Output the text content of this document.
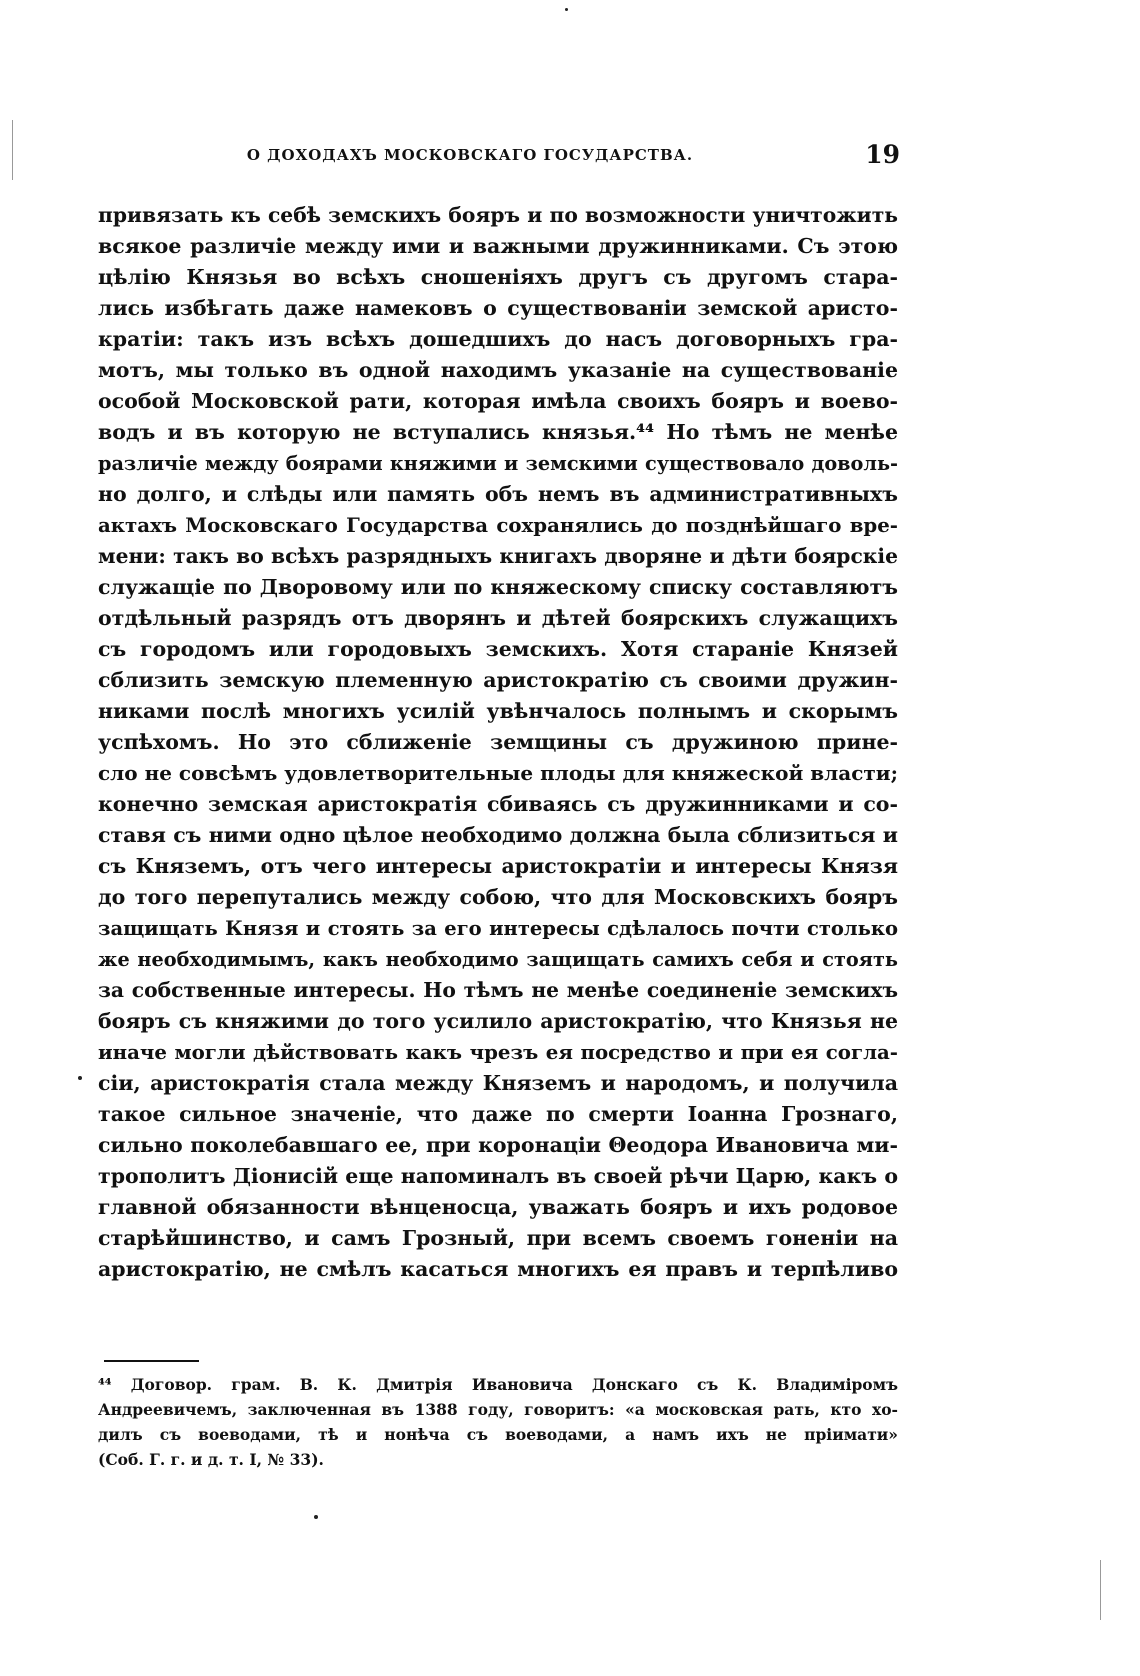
О ДОХОДАХЪ МОСКОВСКАГО ГОСУДАРСТВА.	19
привязать къ себѣ земскихъ бояръ и по возможности уничтожить
всякое различіе между ими и важными дружинниками. Съ этою
цѣлію Князья во всѣхъ сношеніяхъ другъ съ другомъ стара-
лись избѣгать даже намековъ о существованіи земской аристо-
кратіи: такъ изъ всѣхъ дошедшихъ до насъ договорныхъ гра-
мотъ, мы только въ одной находимъ указаніе на существованіе
особой Московской рати, которая имѣла своихъ бояръ и воево-
водъ и въ которую не вступались князья.⁴⁴ Но тѣмъ не менѣе
различіе между боярами княжими и земскими существовало доволь-
но долго, и слѣды или память объ немъ въ административныхъ
актахъ Московскаго Государства сохранялись до позднѣйшаго вре-
мени: такъ во всѣхъ разрядныхъ книгахъ дворяне и дѣти боярскіе
служащіе по Дворовому или по княжескому списку составляютъ
отдѣльный разрядъ отъ дворянъ и дѣтей боярскихъ служащихъ
съ городомъ или городовыхъ земскихъ. Хотя стараніе Князей
сблизить земскую племенную аристократію съ своими дружин-
никами послѣ многихъ усилій увѣнчалось полнымъ и скорымъ
успѣхомъ. Но это сближеніе земщины съ дружиною прине-
сло не совсѣмъ удовлетворительные плоды для княжеской власти;
конечно земская аристократія сбиваясь съ дружинниками и со-
ставя съ ними одно цѣлое необходимо должна была сблизиться и
съ Княземъ, отъ чего интересы аристократіи и интересы Князя
до того перепутались между собою, что для Московскихъ бояръ
защищать Князя и стоять за его интересы сдѣлалось почти столько
же необходимымъ, какъ необходимо защищать самихъ себя и стоять
за собственные интересы. Но тѣмъ не менѣе соединеніе земскихъ
бояръ съ княжими до того усилило аристократію, что Князья не
иначе могли дѣйствовать какъ чрезъ ея посредство и при ея согла-
сіи, аристократія стала между Княземъ и народомъ, и получила
такое сильное значеніе, что даже по смерти Іоанна Грознаго,
сильно поколебавшаго ее, при коронаціи Θеодора Ивановича ми-
трополитъ Діонисій еще напоминалъ въ своей рѣчи Царю, какъ о
главной обязанности вѣнценосца, уважать бояръ и ихъ родовое
старѣйшинство, и самъ Грозный, при всемъ своемъ гоненіи на
аристократію, не смѣлъ касаться многихъ ея правъ и терпѣливо
⁴⁴ Договор. грам. В. К. Дмитрія Ивановича Донскаго съ К. Владиміромъ
Андреевичемъ, заключенная въ 1388 году, говоритъ: «а московская рать, кто хо-
дилъ съ воеводами, тѣ и нонѣча съ воеводами, а намъ ихъ не пріимати»
(Соб. Г. г. и д. т. I, № 33).
